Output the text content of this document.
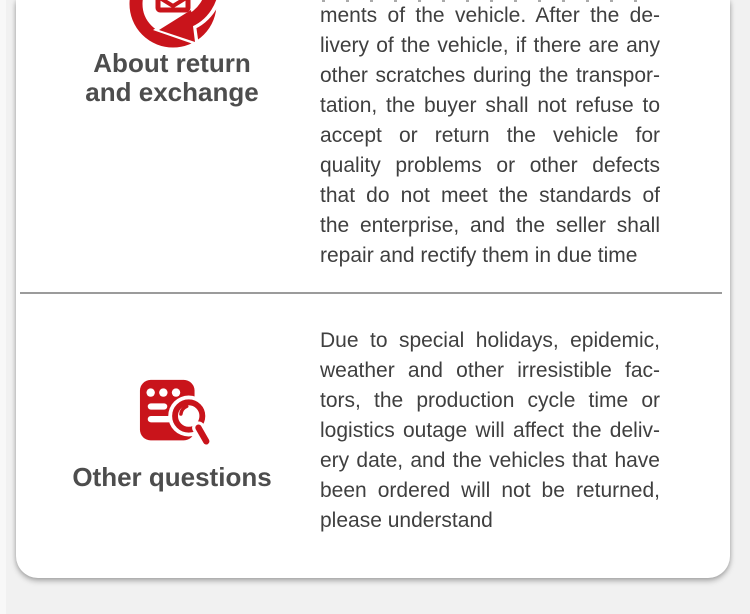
About return and exchange
ments of the vehicle. After the de-
livery of the vehicle, if there are any
other scratches during the transpor-
tation, the buyer shall not refuse to
accept or return the vehicle for
quality problems or other defects
that do not meet the standards of
the enterprise, and the seller shall
repair and rectify them in due time
Other questions
Due to special holidays, epidemic,
weather and other irresistible fac-
tors, the production cycle time or
logistics outage will affect the deliv-
ery date, and the vehicles that have
been ordered will not be returned,
please understand
